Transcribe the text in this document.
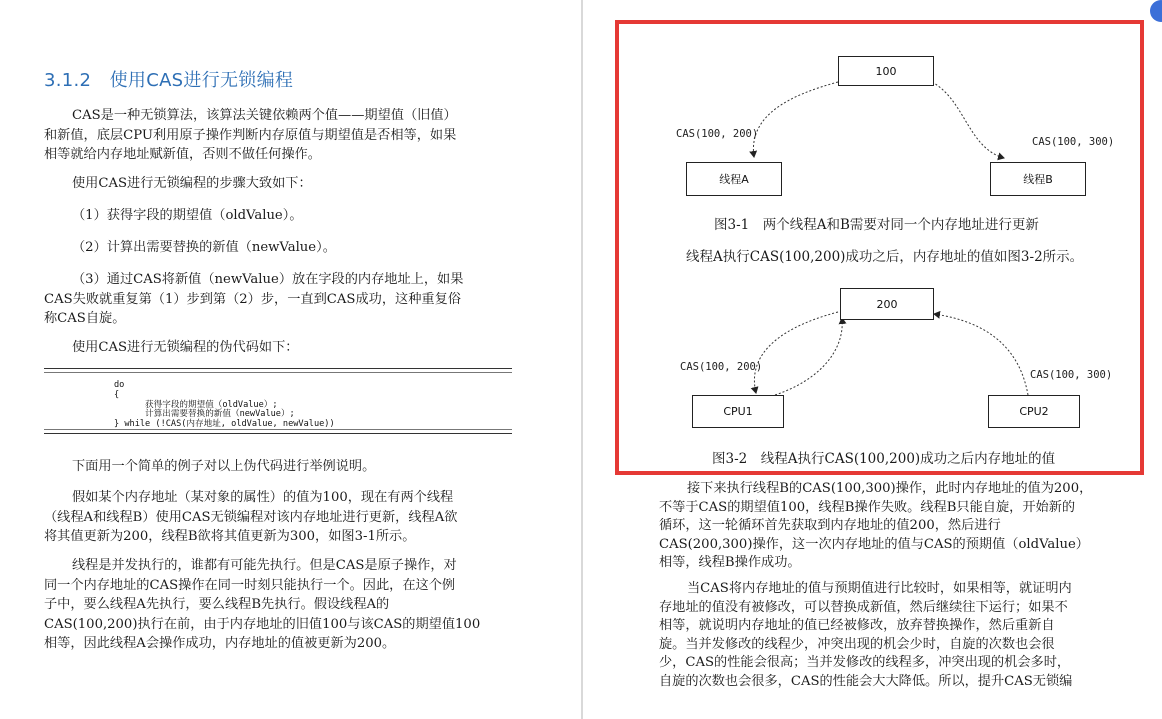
3.1.2　使用CAS进行无锁编程
CAS是一种无锁算法，该算法关键依赖两个值——期望值（旧值）
和新值，底层CPU利用原子操作判断内存原值与期望值是否相等，如果
相等就给内存地址赋新值，否则不做任何操作。
使用CAS进行无锁编程的步骤大致如下：
（1）获得字段的期望值（oldValue）。
（2）计算出需要替换的新值（newValue）。
（3）通过CAS将新值（newValue）放在字段的内存地址上，如果
CAS失败就重复第（1）步到第（2）步，一直到CAS成功，这种重复俗
称CAS自旋。
使用CAS进行无锁编程的伪代码如下：
do
{
获得字段的期望值（oldValue）;
计算出需要替换的新值（newValue）;
} while (!CAS(内存地址, oldValue, newValue))
下面用一个简单的例子对以上伪代码进行举例说明。
假如某个内存地址（某对象的属性）的值为100，现在有两个线程
（线程A和线程B）使用CAS无锁编程对该内存地址进行更新，线程A欲
将其值更新为200，线程B欲将其值更新为300，如图3-1所示。
线程是并发执行的，谁都有可能先执行。但是CAS是原子操作，对
同一个内存地址的CAS操作在同一时刻只能执行一个。因此，在这个例
子中，要么线程A先执行，要么线程B先执行。假设线程A的
CAS(100,200)执行在前，由于内存地址的旧值100与该CAS的期望值100
相等，因此线程A会操作成功，内存地址的值被更新为200。
100
CAS(100, 200)
CAS(100, 300)
线程A	线程B
图3-1　两个线程A和B需要对同一个内存地址进行更新
线程A执行CAS(100,200)成功之后，内存地址的值如图3-2所示。
200
CAS(100, 200)
CAS(100, 300)
CPU1	CPU2
图3-2　线程A执行CAS(100,200)成功之后内存地址的值
接下来执行线程B的CAS(100,300)操作，此时内存地址的值为200，
不等于CAS的期望值100，线程B操作失败。线程B只能自旋，开始新的
循环，这一轮循环首先获取到内存地址的值200，然后进行
CAS(200,300)操作，这一次内存地址的值与CAS的预期值（oldValue）
相等，线程B操作成功。
当CAS将内存地址的值与预期值进行比较时，如果相等，就证明内
存地址的值没有被修改，可以替换成新值，然后继续往下运行；如果不
相等，就说明内存地址的值已经被修改，放弃替换操作，然后重新自
旋。当并发修改的线程少，冲突出现的机会少时，自旋的次数也会很
少，CAS的性能会很高；当并发修改的线程多，冲突出现的机会多时，
自旋的次数也会很多，CAS的性能会大大降低。所以，提升CAS无锁编
